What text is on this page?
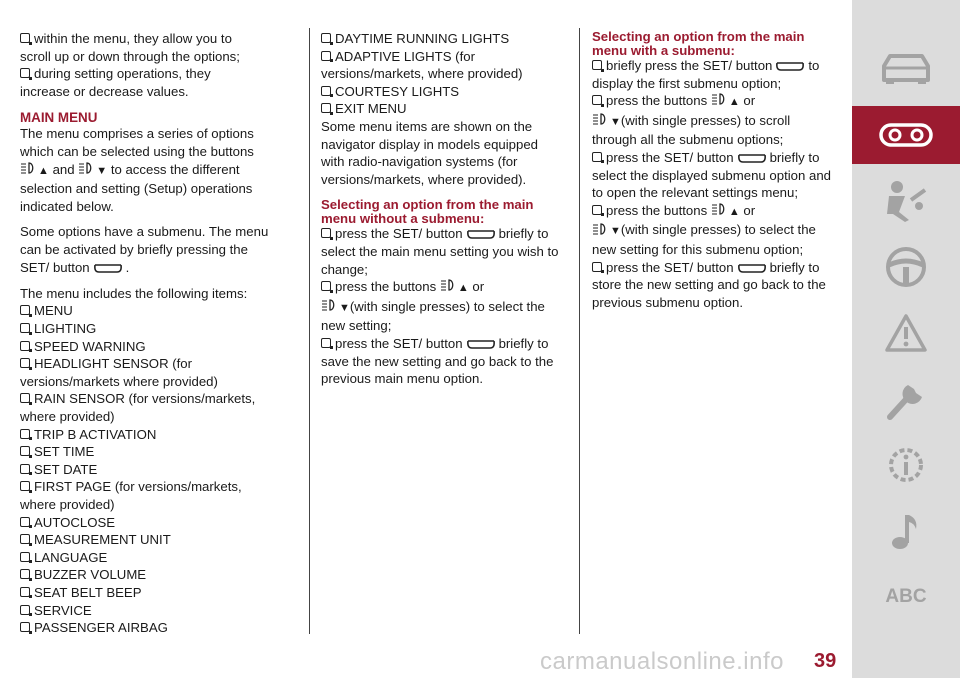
within the menu, they allow you to
scroll up or down through the options;
during setting operations, they
increase or decrease values.
MAIN MENU
The menu comprises a series of options
which can be selected using the buttons
▲ and ▼ to access the different
selection and setting (Setup) operations

indicated below.

Some options have a submenu. The menu
can be activated by briefly pressing the

SET/ button	.

The menu includes the following items:
MENU
LIGHTING
SPEED WARNING
HEADLIGHT SENSOR (for
versions/markets where provided)
RAIN SENSOR (for versions/markets,
where provided)
TRIP B ACTIVATION
SET TIME
SET DATE
FIRST PAGE (for versions/markets,
where provided)
AUTOCLOSE
MEASUREMENT UNIT
LANGUAGE
BUZZER VOLUME
SEAT BELT BEEP
SERVICE
PASSENGER AIRBAG
DAYTIME RUNNING LIGHTS
ADAPTIVE LIGHTS (for
versions/markets, where provided)
COURTESY LIGHTS

EXIT MENU

Some menu items are shown on the
navigator display in models equipped
with radio-navigation systems (for
versions/markets, where provided).
Selecting an option from the main
menu without a submenu:
press the SET/ button	briefly to
select the main menu setting you wish to
change;
press the buttons ▲ or
▼(with single presses) to select the
new setting;
press the SET/ button	briefly to
save the new setting and go back to the
previous main menu option.
Selecting an option from the main
menu with a submenu:
briefly press the SET/ button	to
display the first submenu option;
press the buttons ▲ or
▼(with single presses) to scroll
through all the submenu options;
press the SET/ button	briefly to
select the displayed submenu option and
to open the relevant settings menu;
press the buttons ▲ or
▼(with single presses) to select the
new setting for this submenu option;
press the SET/ button	briefly to
store the new setting and go back to the
previous submenu option.
ABC
carmanualsonline.info 39
